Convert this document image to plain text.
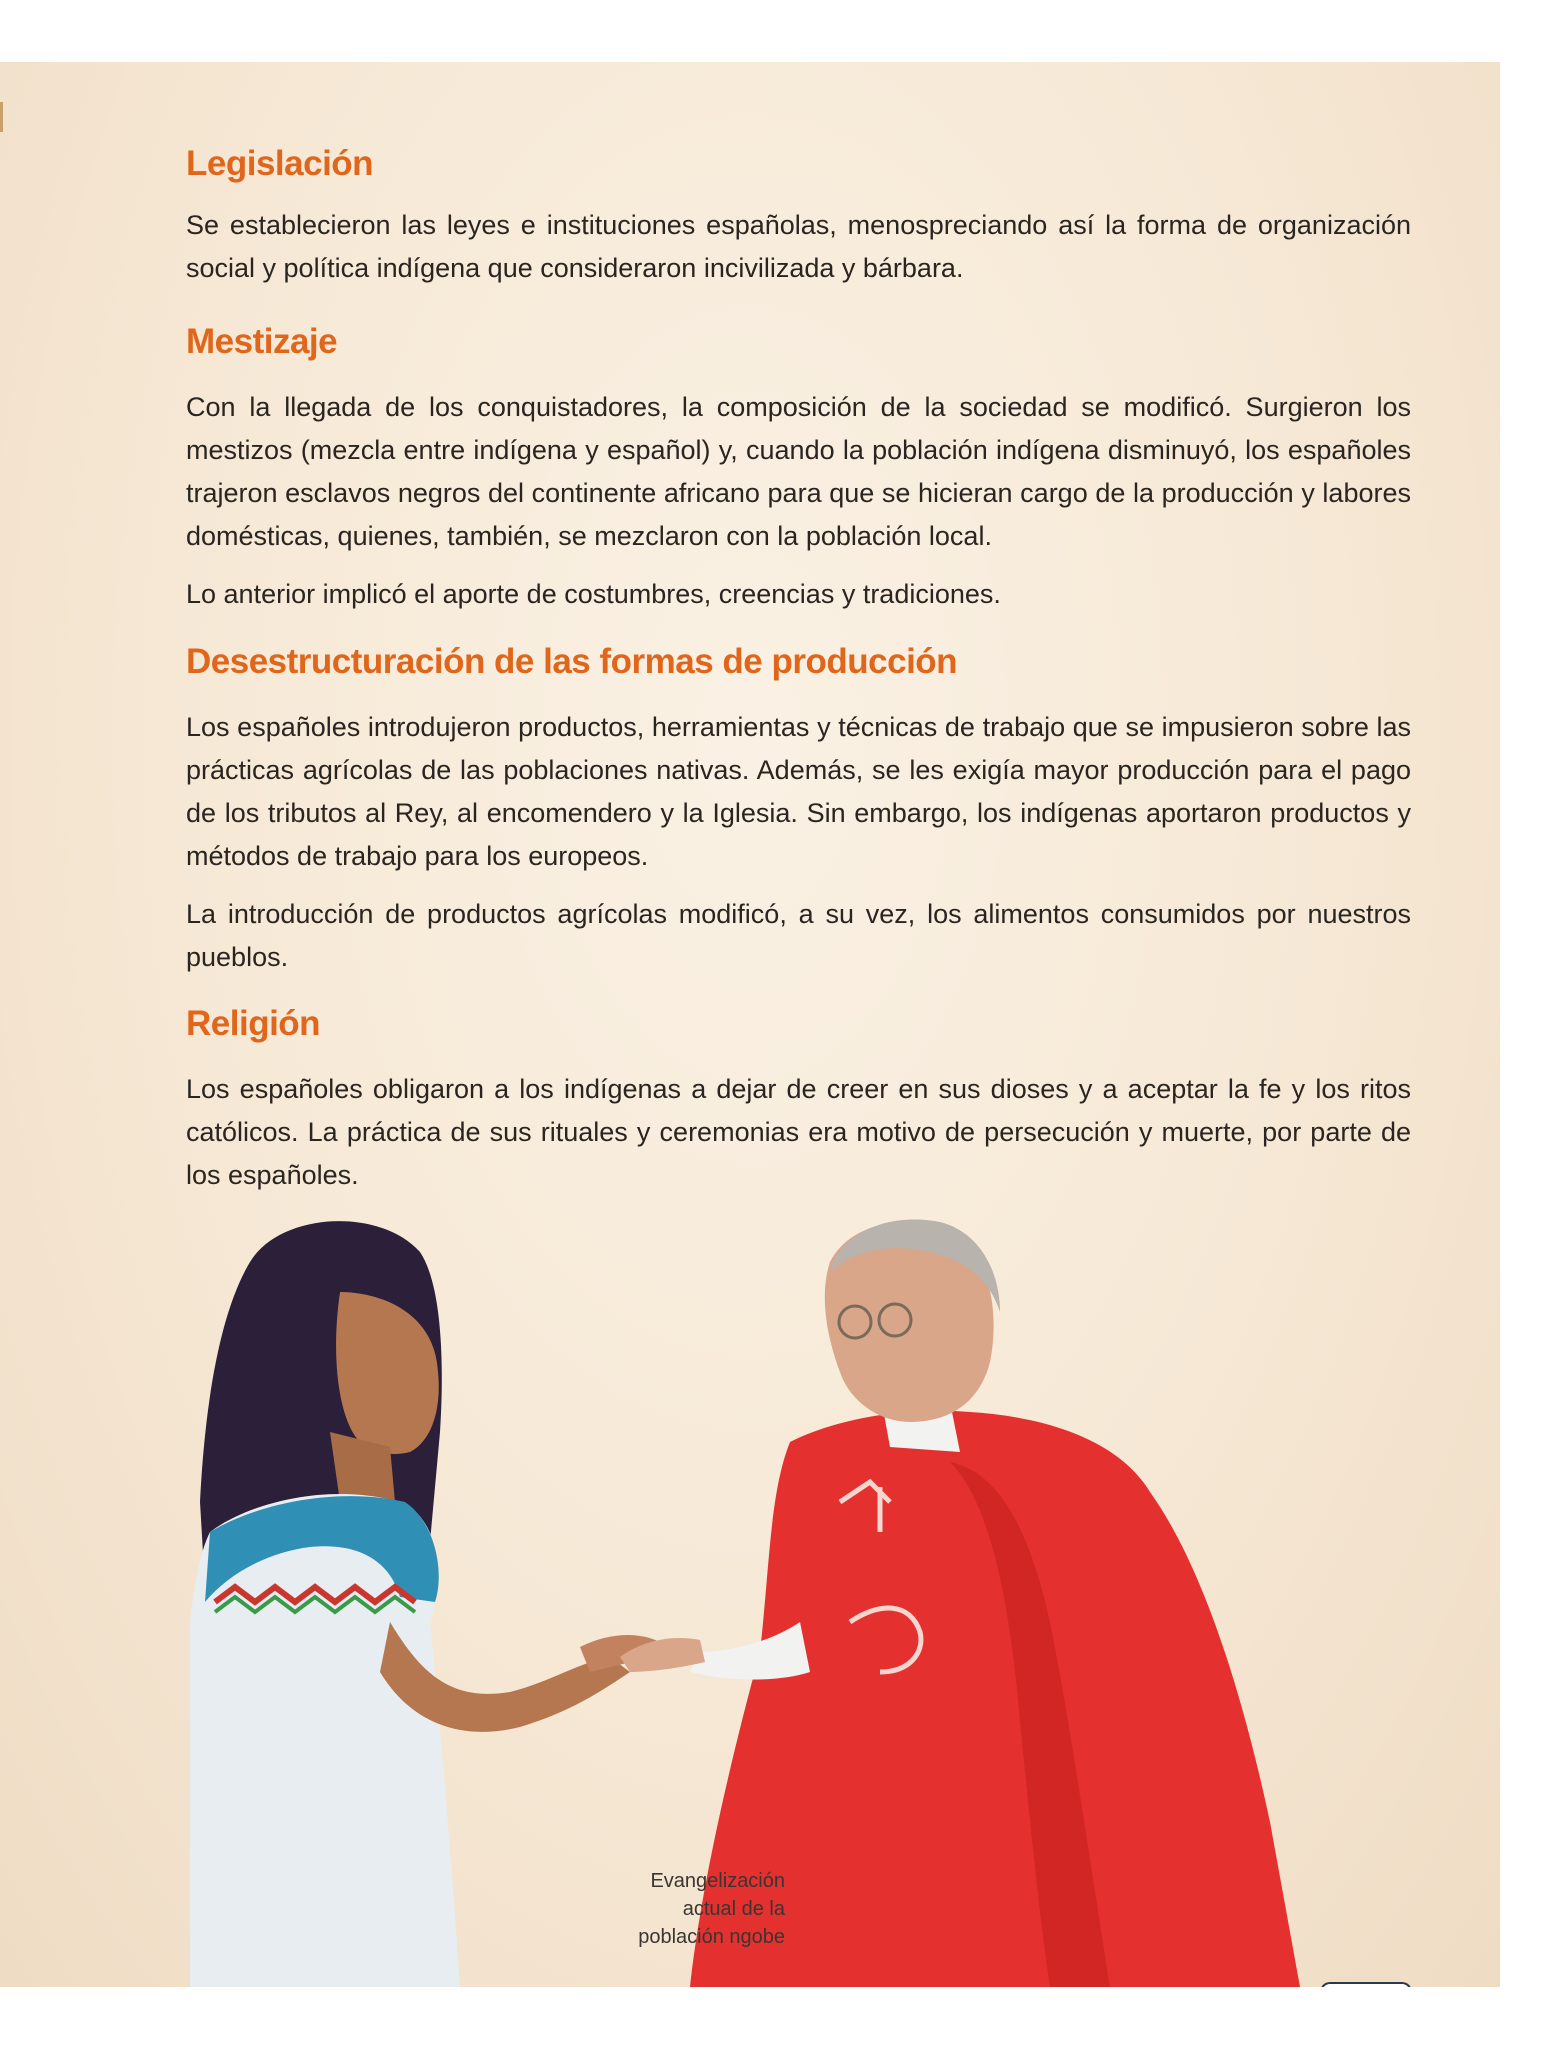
Legislación

Se establecieron las leyes e instituciones españolas, menospreciando así la forma de organización social y política indígena que consideraron incivilizada y bárbara.

Mestizaje

Con la llegada de los conquistadores, la composición de la sociedad se modificó. Surgieron los mestizos (mezcla entre indígena y español) y, cuando la población indígena disminuyó, los españoles trajeron esclavos negros del continente africano para que se hicieran cargo de la producción y labores domésticas, quienes, también, se mezclaron con la población local.

Lo anterior implicó el aporte de costumbres, creencias y tradiciones.

Desestructuración de las formas de producción

Los españoles introdujeron productos, herramientas y técnicas de trabajo que se impusieron sobre las prácticas agrícolas de las poblaciones nativas. Además, se les exigía mayor producción para el pago de los tributos al Rey, al encomendero y la Iglesia. Sin embargo, los indígenas aportaron productos y métodos de trabajo para los europeos.

La introducción de productos agrícolas modificó, a su vez, los alimentos consumidos por nuestros pueblos.

Religión

Los españoles obligaron a los indígenas a dejar de creer en sus dioses y a aceptar la fe y los ritos católicos. La práctica de sus rituales y ceremonias era motivo de persecución y muerte, por parte de los españoles.

Evangelización
actual de la
población ngobe
